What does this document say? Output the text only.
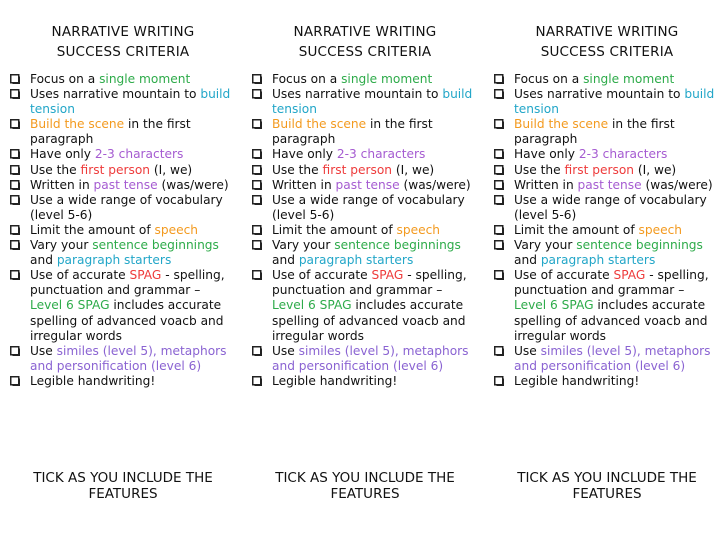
NARRATIVE WRITING
SUCCESS CRITERIA
Focus on a single moment
Uses narrative mountain to build tension
Build the scene in the first paragraph
Have only 2-3 characters
Use the first person (I, we)
Written in past tense (was/were)
Use a wide range of vocabulary (level 5-6)
Limit the amount of speech
Vary your sentence beginnings and paragraph starters
Use of accurate SPAG - spelling, punctuation and grammar – Level 6 SPAG includes accurate spelling of advanced voacb and irregular words
Use similes (level 5), metaphors and personification (level 6)
Legible handwriting!
TICK AS YOU INCLUDE THE FEATURES
NARRATIVE WRITING
SUCCESS CRITERIA
Focus on a single moment
Uses narrative mountain to build tension
Build the scene in the first paragraph
Have only 2-3 characters
Use the first person (I, we)
Written in past tense (was/were)
Use a wide range of vocabulary (level 5-6)
Limit the amount of speech
Vary your sentence beginnings and paragraph starters
Use of accurate SPAG - spelling, punctuation and grammar – Level 6 SPAG includes accurate spelling of advanced voacb and irregular words
Use similes (level 5), metaphors and personification (level 6)
Legible handwriting!
TICK AS YOU INCLUDE THE FEATURES
NARRATIVE WRITING
SUCCESS CRITERIA
Focus on a single moment
Uses narrative mountain to build tension
Build the scene in the first paragraph
Have only 2-3 characters
Use the first person (I, we)
Written in past tense (was/were)
Use a wide range of vocabulary (level 5-6)
Limit the amount of speech
Vary your sentence beginnings and paragraph starters
Use of accurate SPAG - spelling, punctuation and grammar – Level 6 SPAG includes accurate spelling of advanced voacb and irregular words
Use similes (level 5), metaphors and personification (level 6)
Legible handwriting!
TICK AS YOU INCLUDE THE FEATURES
